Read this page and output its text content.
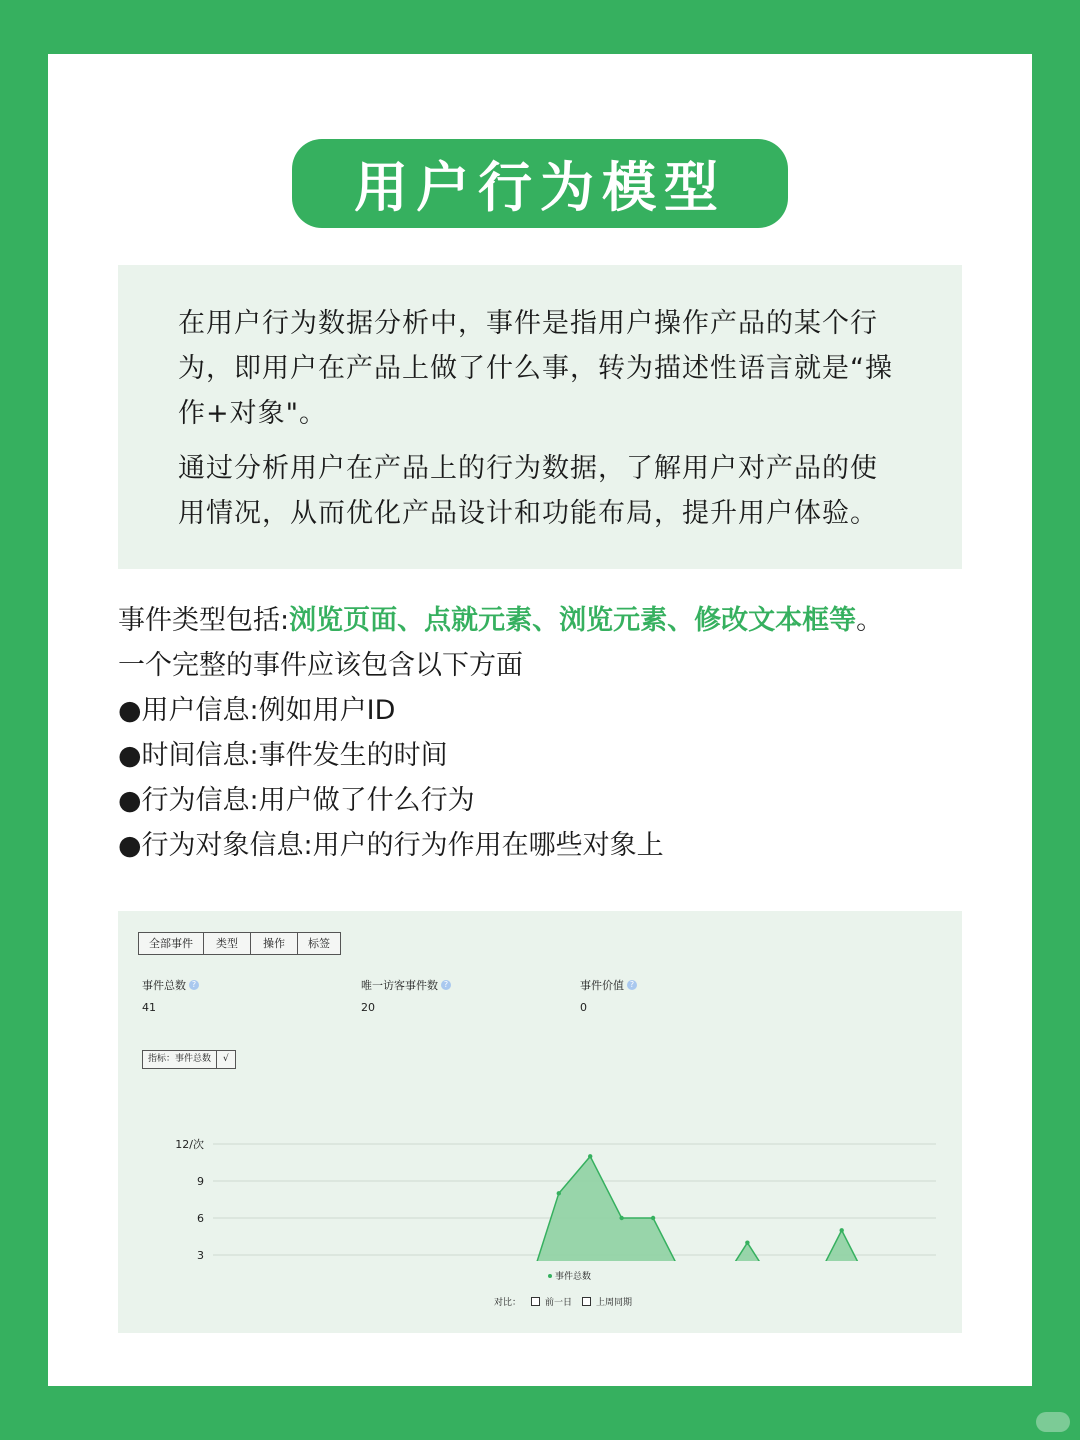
用户行为模型

在用户行为数据分析中，事件是指用户操作产品的某个行为，即用户在产品上做了什么事，转为描述性语言就是“操作+对象"。

通过分析用户在产品上的行为数据，了解用户对产品的使用情况，从而优化产品设计和功能布局，提升用户体验。

事件类型包括:浏览页面、点就元素、浏览元素、修改文本框等。
一个完整的事件应该包含以下方面
●用户信息:例如用户ID
●时间信息:事件发生的时间
●行为信息:用户做了什么行为
●行为对象信息:用户的行为作用在哪些对象上
全部事件	类型	操作	标签
事件总数 ?
41
唯一访客事件数 ?
20
事件价值 ?
0
指标：事件总数	√
3
6
9
12/次
事件总数
对比：	前一日	上周同期
